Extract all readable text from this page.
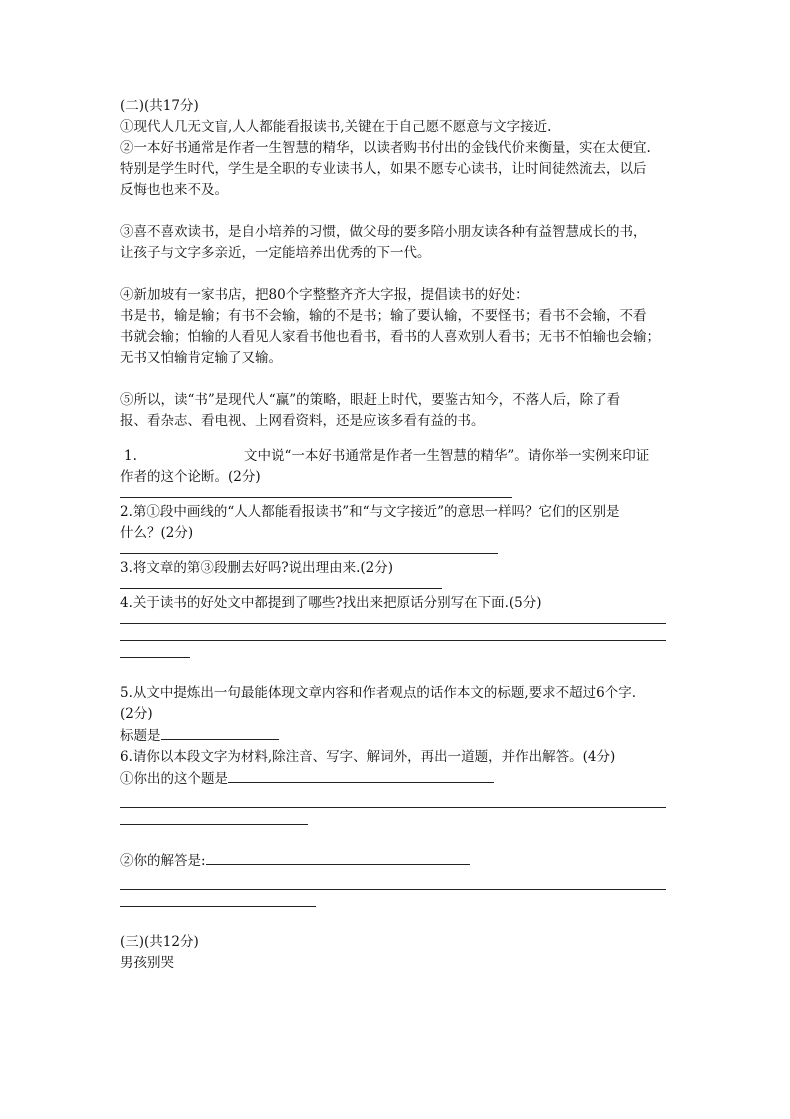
(二)(共17分)
①现代人几无文盲,人人都能看报读书,关键在于自己愿不愿意与文字接近.
②一本好书通常是作者一生智慧的精华，以读者购书付出的金钱代价来衡量，实在太便宜.
特别是学生时代，学生是全职的专业读书人，如果不愿专心读书，让时间徒然流去，以后
反悔也也来不及。
③喜不喜欢读书，是自小培养的习惯，做父母的要多陪小朋友读各种有益智慧成长的书，
让孩子与文字多亲近，一定能培养出优秀的下一代。
④新加坡有一家书店，把80个字整整齐齐大字报，提倡读书的好处：
书是书，输是输；有书不会输，输的不是书；输了要认输，不要怪书；看书不会输，不看
书就会输；怕输的人看见人家看书他也看书，看书的人喜欢别人看书；无书不怕输也会输；
无书又怕输肯定输了又输。
⑤所以，读“书”是现代人“赢”的策略，眼赶上时代，要鉴古知今，不落人后，除了看
报、看杂志、看电视、上网看资料，还是应该多看有益的书。
1.	文中说“一本好书通常是作者一生智慧的精华”。请你举一实例来印证
作者的这个论断。(2分)
2.第①段中画线的“人人都能看报读书”和“与文字接近”的意思一样吗？它们的区别是
什么？(2分)
3.将文章的第③段删去好吗?说出理由来.(2分)
4.关于读书的好处文中都提到了哪些?找出来把原话分别写在下面.(5分)
5.从文中提炼出一句最能体现文章内容和作者观点的话作本文的标题,要求不超过6个字.
(2分)
标题是
6.请你以本段文字为材料,除注音、写字、解词外，再出一道题，并作出解答。(4分)
①你出的这个题是
②你的解答是:
(三)(共12分)
男孩别哭
